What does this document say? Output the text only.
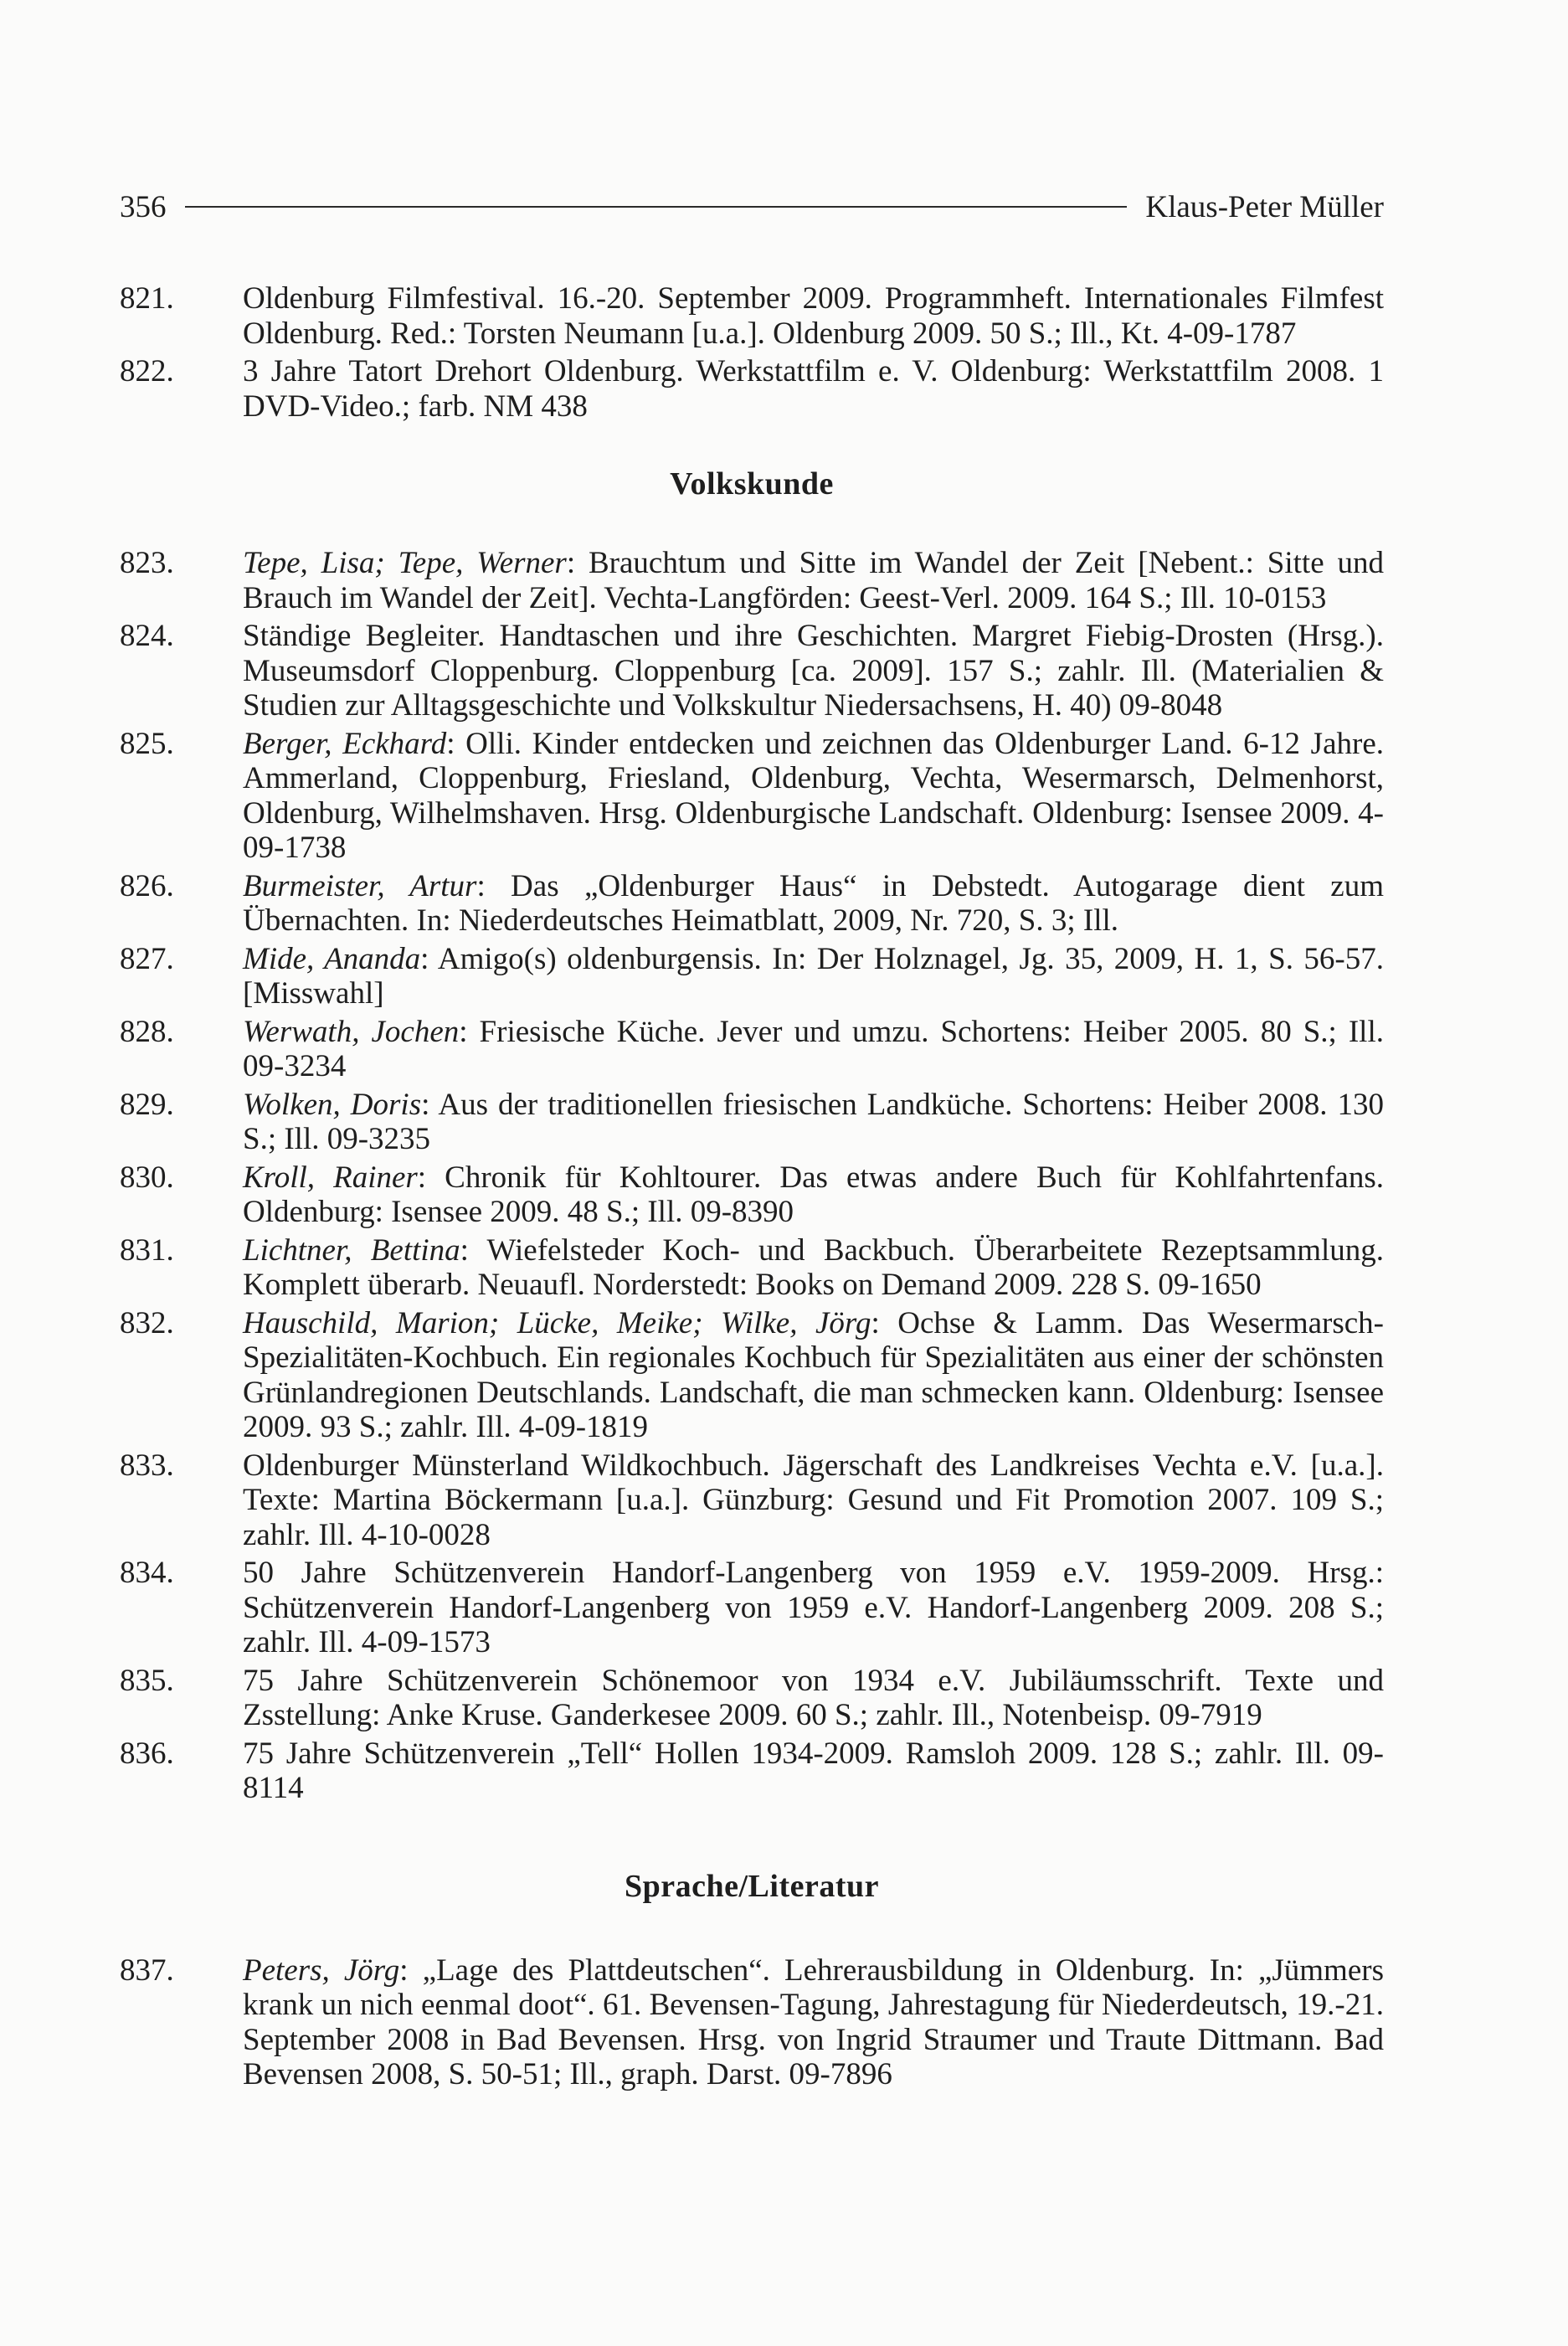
356	Klaus-Peter Müller
821.	Oldenburg Filmfestival. 16.-20. September 2009. Programmheft. Internationales Filmfest Oldenburg. Red.: Torsten Neumann [u.a.]. Oldenburg 2009. 50 S.; Ill., Kt. 4-09-1787
822.	3 Jahre Tatort Drehort Oldenburg. Werkstattfilm e. V. Oldenburg: Werkstattfilm 2008. 1 DVD-Video.; farb. NM 438
Volkskunde
823.	Tepe, Lisa; Tepe, Werner: Brauchtum und Sitte im Wandel der Zeit [Nebent.: Sitte und Brauch im Wandel der Zeit]. Vechta-Langförden: Geest-Verl. 2009. 164 S.; Ill. 10-0153
824.	Ständige Begleiter. Handtaschen und ihre Geschichten. Margret Fiebig-Drosten (Hrsg.). Museumsdorf Cloppenburg. Cloppenburg [ca. 2009]. 157 S.; zahlr. Ill. (Materialien & Studien zur Alltagsgeschichte und Volkskultur Niedersachsens, H. 40) 09-8048
825.	Berger, Eckhard: Olli. Kinder entdecken und zeichnen das Oldenburger Land. 6-12 Jahre. Ammerland, Cloppenburg, Friesland, Oldenburg, Vechta, Wesermarsch, Delmenhorst, Oldenburg, Wilhelmshaven. Hrsg. Oldenburgische Landschaft. Oldenburg: Isensee 2009. 4-09-1738
826.	Burmeister, Artur: Das „Oldenburger Haus“ in Debstedt. Autogarage dient zum Übernachten. In: Niederdeutsches Heimatblatt, 2009, Nr. 720, S. 3; Ill.
827.	Mide, Ananda: Amigo(s) oldenburgensis. In: Der Holznagel, Jg. 35, 2009, H. 1, S. 56-57. [Misswahl]
828.	Werwath, Jochen: Friesische Küche. Jever und umzu. Schortens: Heiber 2005. 80 S.; Ill. 09-3234
829.	Wolken, Doris: Aus der traditionellen friesischen Landküche. Schortens: Heiber 2008. 130 S.; Ill. 09-3235
830.	Kroll, Rainer: Chronik für Kohltourer. Das etwas andere Buch für Kohlfahrtenfans. Oldenburg: Isensee 2009. 48 S.; Ill. 09-8390
831.	Lichtner, Bettina: Wiefelsteder Koch- und Backbuch. Überarbeitete Rezeptsammlung. Komplett überarb. Neuaufl. Norderstedt: Books on Demand 2009. 228 S. 09-1650
832.	Hauschild, Marion; Lücke, Meike; Wilke, Jörg: Ochse & Lamm. Das Wesermarsch-Spezialitäten-Kochbuch. Ein regionales Kochbuch für Spezialitäten aus einer der schönsten Grünlandregionen Deutschlands. Landschaft, die man schmecken kann. Oldenburg: Isensee 2009. 93 S.; zahlr. Ill. 4-09-1819
833.	Oldenburger Münsterland Wildkochbuch. Jägerschaft des Landkreises Vechta e.V. [u.a.]. Texte: Martina Böckermann [u.a.]. Günzburg: Gesund und Fit Promotion 2007. 109 S.; zahlr. Ill. 4-10-0028
834.	50 Jahre Schützenverein Handorf-Langenberg von 1959 e.V. 1959-2009. Hrsg.: Schützenverein Handorf-Langenberg von 1959 e.V. Handorf-Langenberg 2009. 208 S.; zahlr. Ill. 4-09-1573
835.	75 Jahre Schützenverein Schönemoor von 1934 e.V. Jubiläumsschrift. Texte und Zsstellung: Anke Kruse. Ganderkesee 2009. 60 S.; zahlr. Ill., Notenbeisp. 09-7919
836.	75 Jahre Schützenverein „Tell“ Hollen 1934-2009. Ramsloh 2009. 128 S.; zahlr. Ill. 09-8114
Sprache/Literatur
837.	Peters, Jörg: „Lage des Plattdeutschen“. Lehrerausbildung in Oldenburg. In: „Jümmers krank un nich eenmal doot“. 61. Bevensen-Tagung, Jahrestagung für Niederdeutsch, 19.-21. September 2008 in Bad Bevensen. Hrsg. von Ingrid Straumer und Traute Dittmann. Bad Bevensen 2008, S. 50-51; Ill., graph. Darst. 09-7896
